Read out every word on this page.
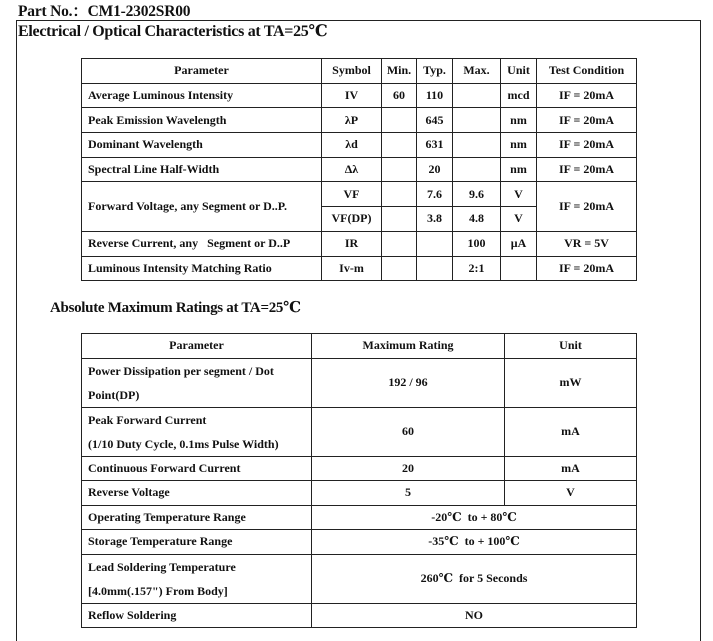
Part No.：CM1-2302SR00
Electrical / Optical Characteristics at TA=25℃
Parameter	Symbol	Min.	Typ.	Max.	Unit	Test Condition
Average Luminous Intensity	IV	60	110		mcd	IF = 20mA
Peak Emission Wavelength	λP		645		nm	IF = 20mA
Dominant Wavelength	λd		631		nm	IF = 20mA
Spectral Line Half-Width	Δλ		20		nm	IF = 20mA
Forward Voltage, any Segment or D..P.	VF		7.6	9.6	V	IF = 20mA
	VF(DP)		3.8	4.8	V	
Reverse Current, any   Segment or D..P	IR			100	μA	VR = 5V
Luminous Intensity Matching Ratio	Iv-m			2:1		IF = 20mA
Absolute Maximum Ratings at TA=25℃
Parameter	Maximum Rating	Unit

Power Dissipation per segment / Dot
Point(DP)	192 / 96	mW

Peak Forward Current
(1/10 Duty Cycle, 0.1ms Pulse Width)	60	mA
Continuous Forward Current	20	mA
Reverse Voltage	5	V
Operating Temperature Range	-20℃  to + 80℃	
Storage Temperature Range	-35℃  to + 100℃	

Lead Soldering Temperature
[4.0mm(.157") From Body]	260℃  for 5 Seconds	
Reflow Soldering	NO	
